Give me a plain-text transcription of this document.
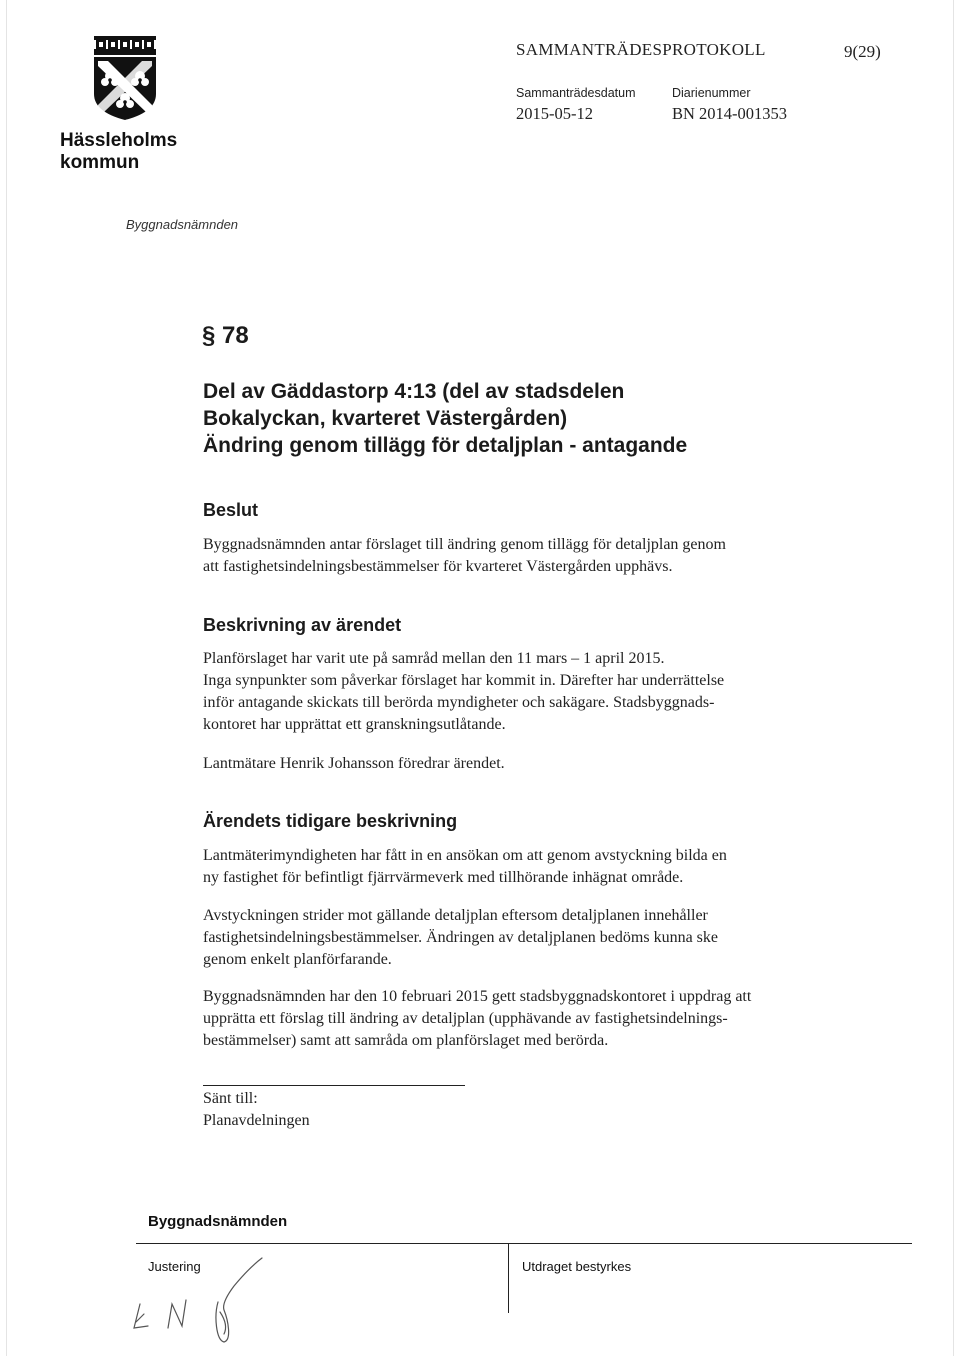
Hässleholms
kommun
SAMMANTRÄDESPROTOKOLL	9(29)
Sammanträdesdatum
2015-05-12
Diarienummer
BN 2014-001353
Byggnadsnämnden
§ 78
Del av Gäddastorp 4:13 (del av stadsdelen
Bokalyckan, kvarteret Västergården)
Ändring genom tillägg för detaljplan - antagande
Beslut
Byggnadsnämnden antar förslaget till ändring genom tillägg för detaljplan genom
att fastighetsindelningsbestämmelser för kvarteret Västergården upphävs.
Beskrivning av ärendet
Planförslaget har varit ute på samråd mellan den 11 mars – 1 april 2015.
Inga synpunkter som påverkar förslaget har kommit in. Därefter har underrättelse
inför antagande skickats till berörda myndigheter och sakägare. Stadsbyggnads-
kontoret har upprättat ett granskningsutlåtande.
Lantmätare Henrik Johansson föredrar ärendet.
Ärendets tidigare beskrivning
Lantmäterimyndigheten har fått in en ansökan om att genom avstyckning bilda en
ny fastighet för befintligt fjärrvärmeverk med tillhörande inhägnat område.
Avstyckningen strider mot gällande detaljplan eftersom detaljplanen innehåller
fastighetsindelningsbestämmelser. Ändringen av detaljplanen bedöms kunna ske
genom enkelt planförfarande.
Byggnadsnämnden har den 10 februari 2015 gett stadsbyggnadskontoret i uppdrag att
upprätta ett förslag till ändring av detaljplan (upphävande av fastighetsindelnings-
bestämmelser) samt att samråda om planförslaget med berörda.
Sänt till:
Planavdelningen
Byggnadsnämnden
Justering	Utdraget bestyrkes
